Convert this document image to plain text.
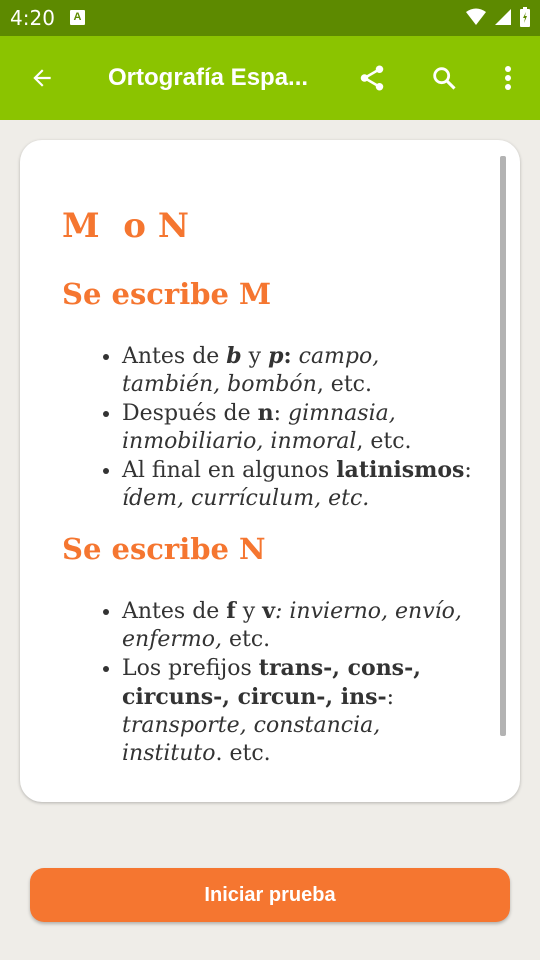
4:20	A
Ortografía Espa...
M  o N
Se escribe M
• Antes de b y p: campo, también, bombón, etc.
• Después de n: gimnasia, inmobiliario, inmoral, etc.
• Al final en algunos latinismos: ídem, currículum, etc.
Se escribe N
• Antes de f y v: invierno, envío, enfermo, etc.
• Los prefijos trans-, cons-, circuns-, circun-, ins-: transporte, constancia, instituto. etc.
Iniciar prueba
